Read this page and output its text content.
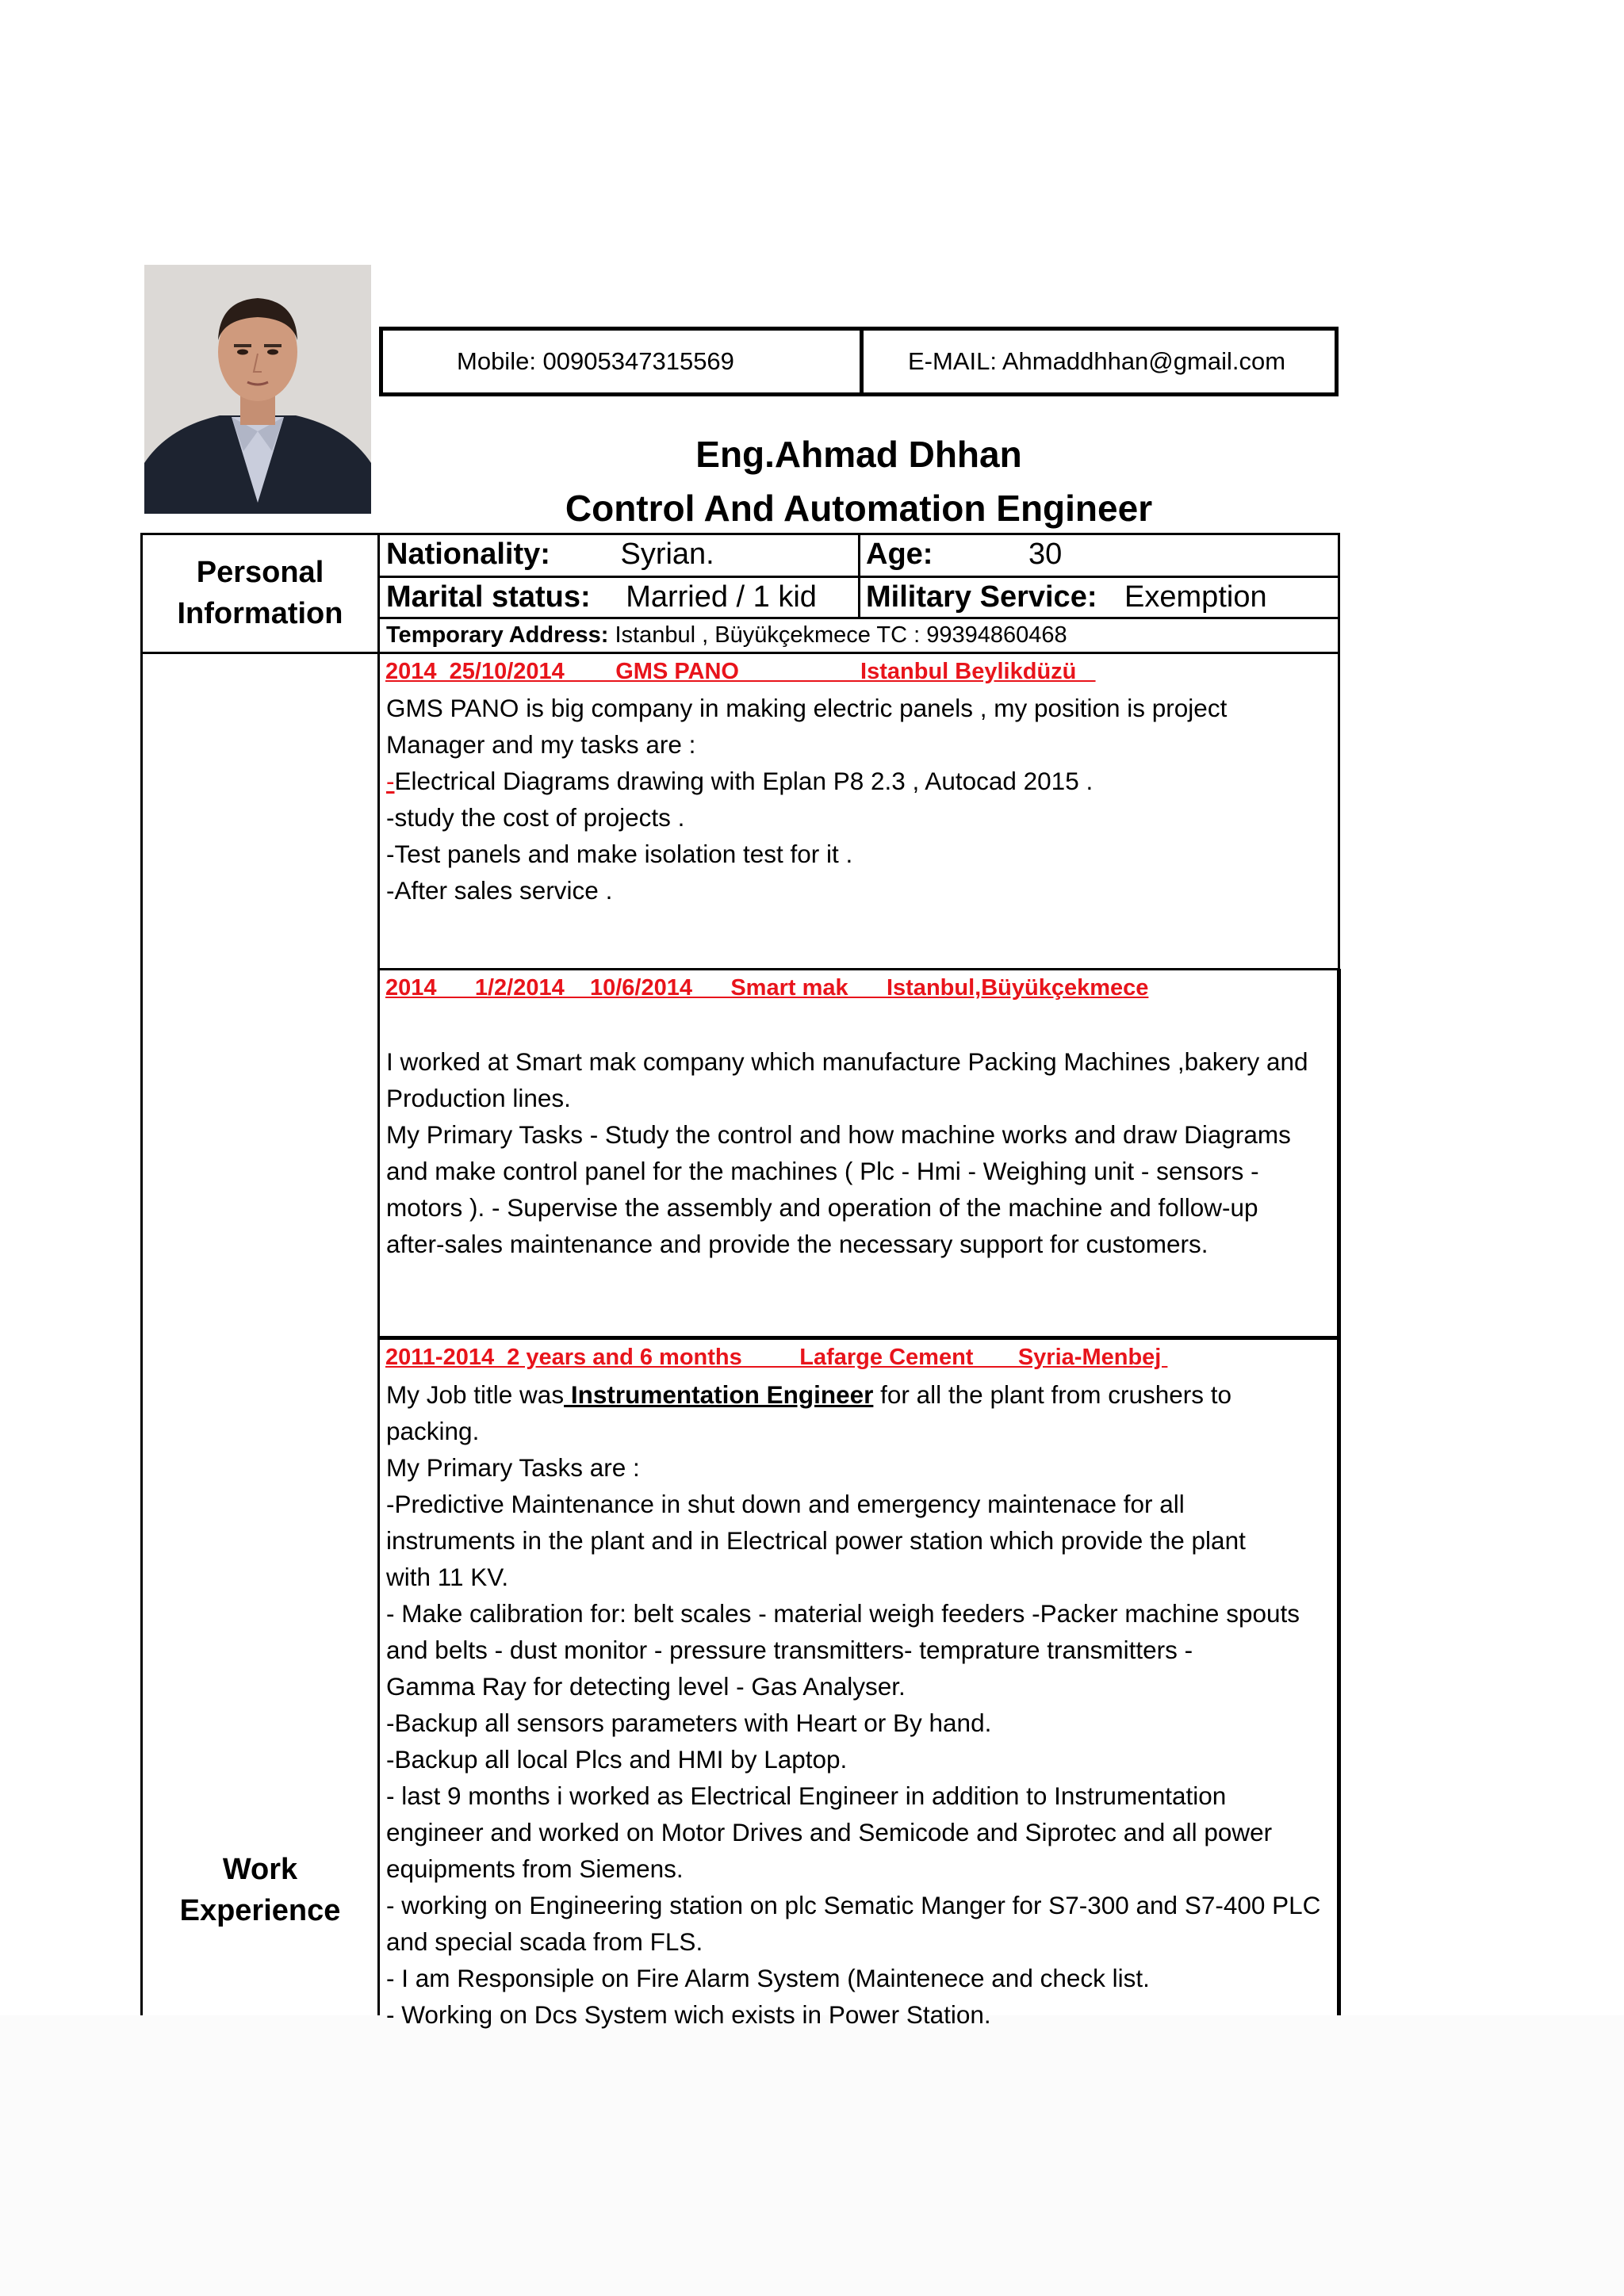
Mobile: 00905347315569	E-MAIL: Ahmaddhhan@gmail.com
Eng.Ahmad Dhhan
Control And Automation Engineer
Personal
Information
Nationality: Syrian.	Age:	30
Marital status: Married / 1 kid Military Service: Exemption
Temporary Address: Istanbul , Büyükçekmece TC : 99394860468
Work
Experience
2014  25/10/2014        GMS PANO                   Istanbul Beylikdüzü

GMS PANO is big company in making electric panels , my position is project

Manager and my tasks are :

-Electrical Diagrams drawing with Eplan P8 2.3 , Autocad 2015 .

-study the cost of projects .

-Test panels and make isolation test for it .

-After sales service .

2014      1/2/2014    10/6/2014      Smart mak      Istanbul,Büyükçekmece

I worked at Smart mak company which manufacture Packing Machines ,bakery and

Production lines.

My Primary Tasks - Study the control and how machine works and draw Diagrams

and make control panel for the machines ( Plc - Hmi - Weighing unit - sensors -

motors ). - Supervise the assembly and operation of the machine and follow-up

after-sales maintenance and provide the necessary support for customers.

2011-2014  2 years and 6 months         Lafarge Cement       Syria-Menbej

My Job title was Instrumentation Engineer for all the plant from crushers to

packing.

My Primary Tasks are :

-Predictive Maintenance in shut down and emergency maintenace for all

instruments in the plant and in Electrical power station which provide the plant

with 11 KV.

- Make calibration for: belt scales - material weigh feeders -Packer machine spouts

and belts - dust monitor - pressure transmitters- temprature transmitters -

Gamma Ray for detecting level - Gas Analyser.

-Backup all sensors parameters with Heart or By hand.

-Backup all local Plcs and HMI by Laptop.

- last 9 months i worked as Electrical Engineer in addition to Instrumentation

engineer and worked on Motor Drives and Semicode and Siprotec and all power

equipments from Siemens.

- working on Engineering station on plc Sematic Manger for S7-300 and S7-400 PLC

and special scada from FLS.

- I am Responsiple on Fire Alarm System (Maintenece and check list.

- Working on Dcs System wich exists in Power Station.
